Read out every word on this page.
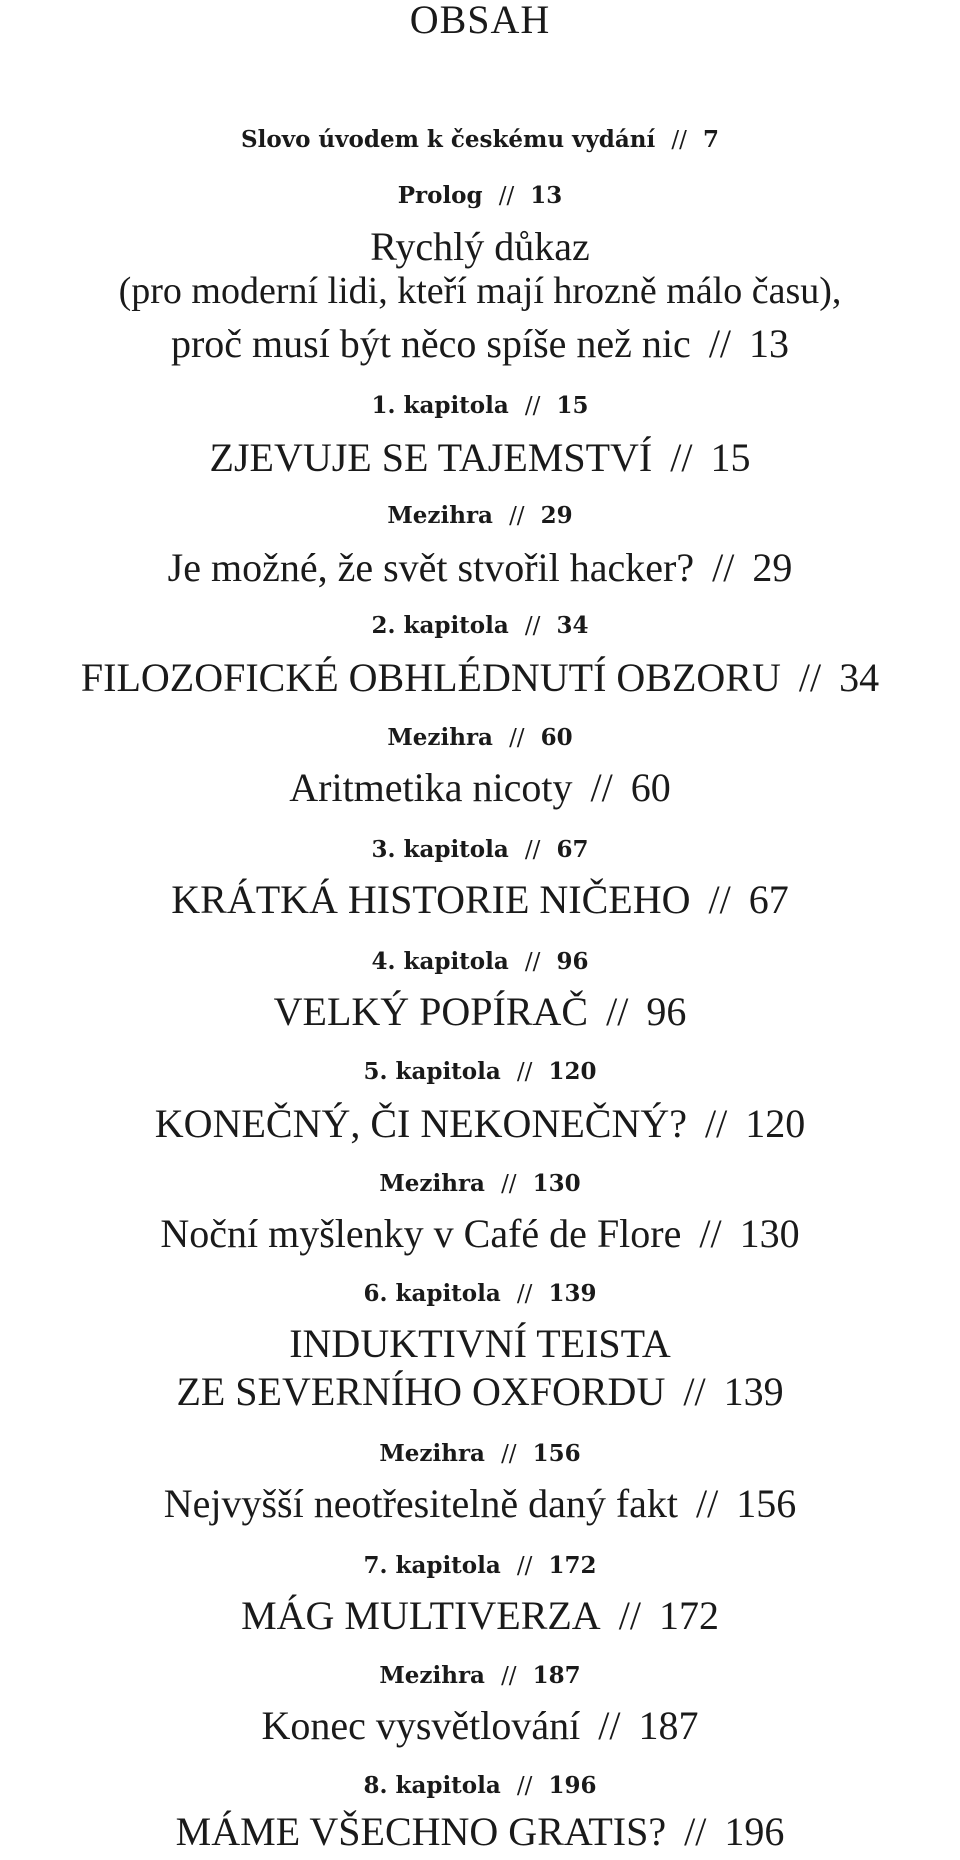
OBSAH
Slovo úvodem k českému vydání // 7
Prolog // 13
Rychlý důkaz
(pro moderní lidi, kteří mají hrozně málo času),
proč musí být něco spíše než nic // 13
1. kapitola // 15
ZJEVUJE SE TAJEMSTVÍ // 15
Mezihra // 29
Je možné, že svět stvořil hacker? // 29
2. kapitola // 34
FILOZOFICKÉ OBHLÉDNUTÍ OBZORU // 34
Mezihra // 60
Aritmetika nicoty // 60
3. kapitola // 67
KRÁTKÁ HISTORIE NIČEHO // 67
4. kapitola // 96
VELKÝ POPÍRAČ // 96
5. kapitola // 120
KONEČNÝ, ČI NEKONEČNÝ? // 120
Mezihra // 130
Noční myšlenky v Café de Flore // 130
6. kapitola // 139
INDUKTIVNÍ TEISTA
ZE SEVERNÍHO OXFORDU // 139
Mezihra // 156
Nejvyšší neotřesitelně daný fakt // 156
7. kapitola // 172
MÁG MULTIVERZA // 172
Mezihra // 187
Konec vysvětlování // 187
8. kapitola // 196
MÁME VŠECHNO GRATIS? // 196
